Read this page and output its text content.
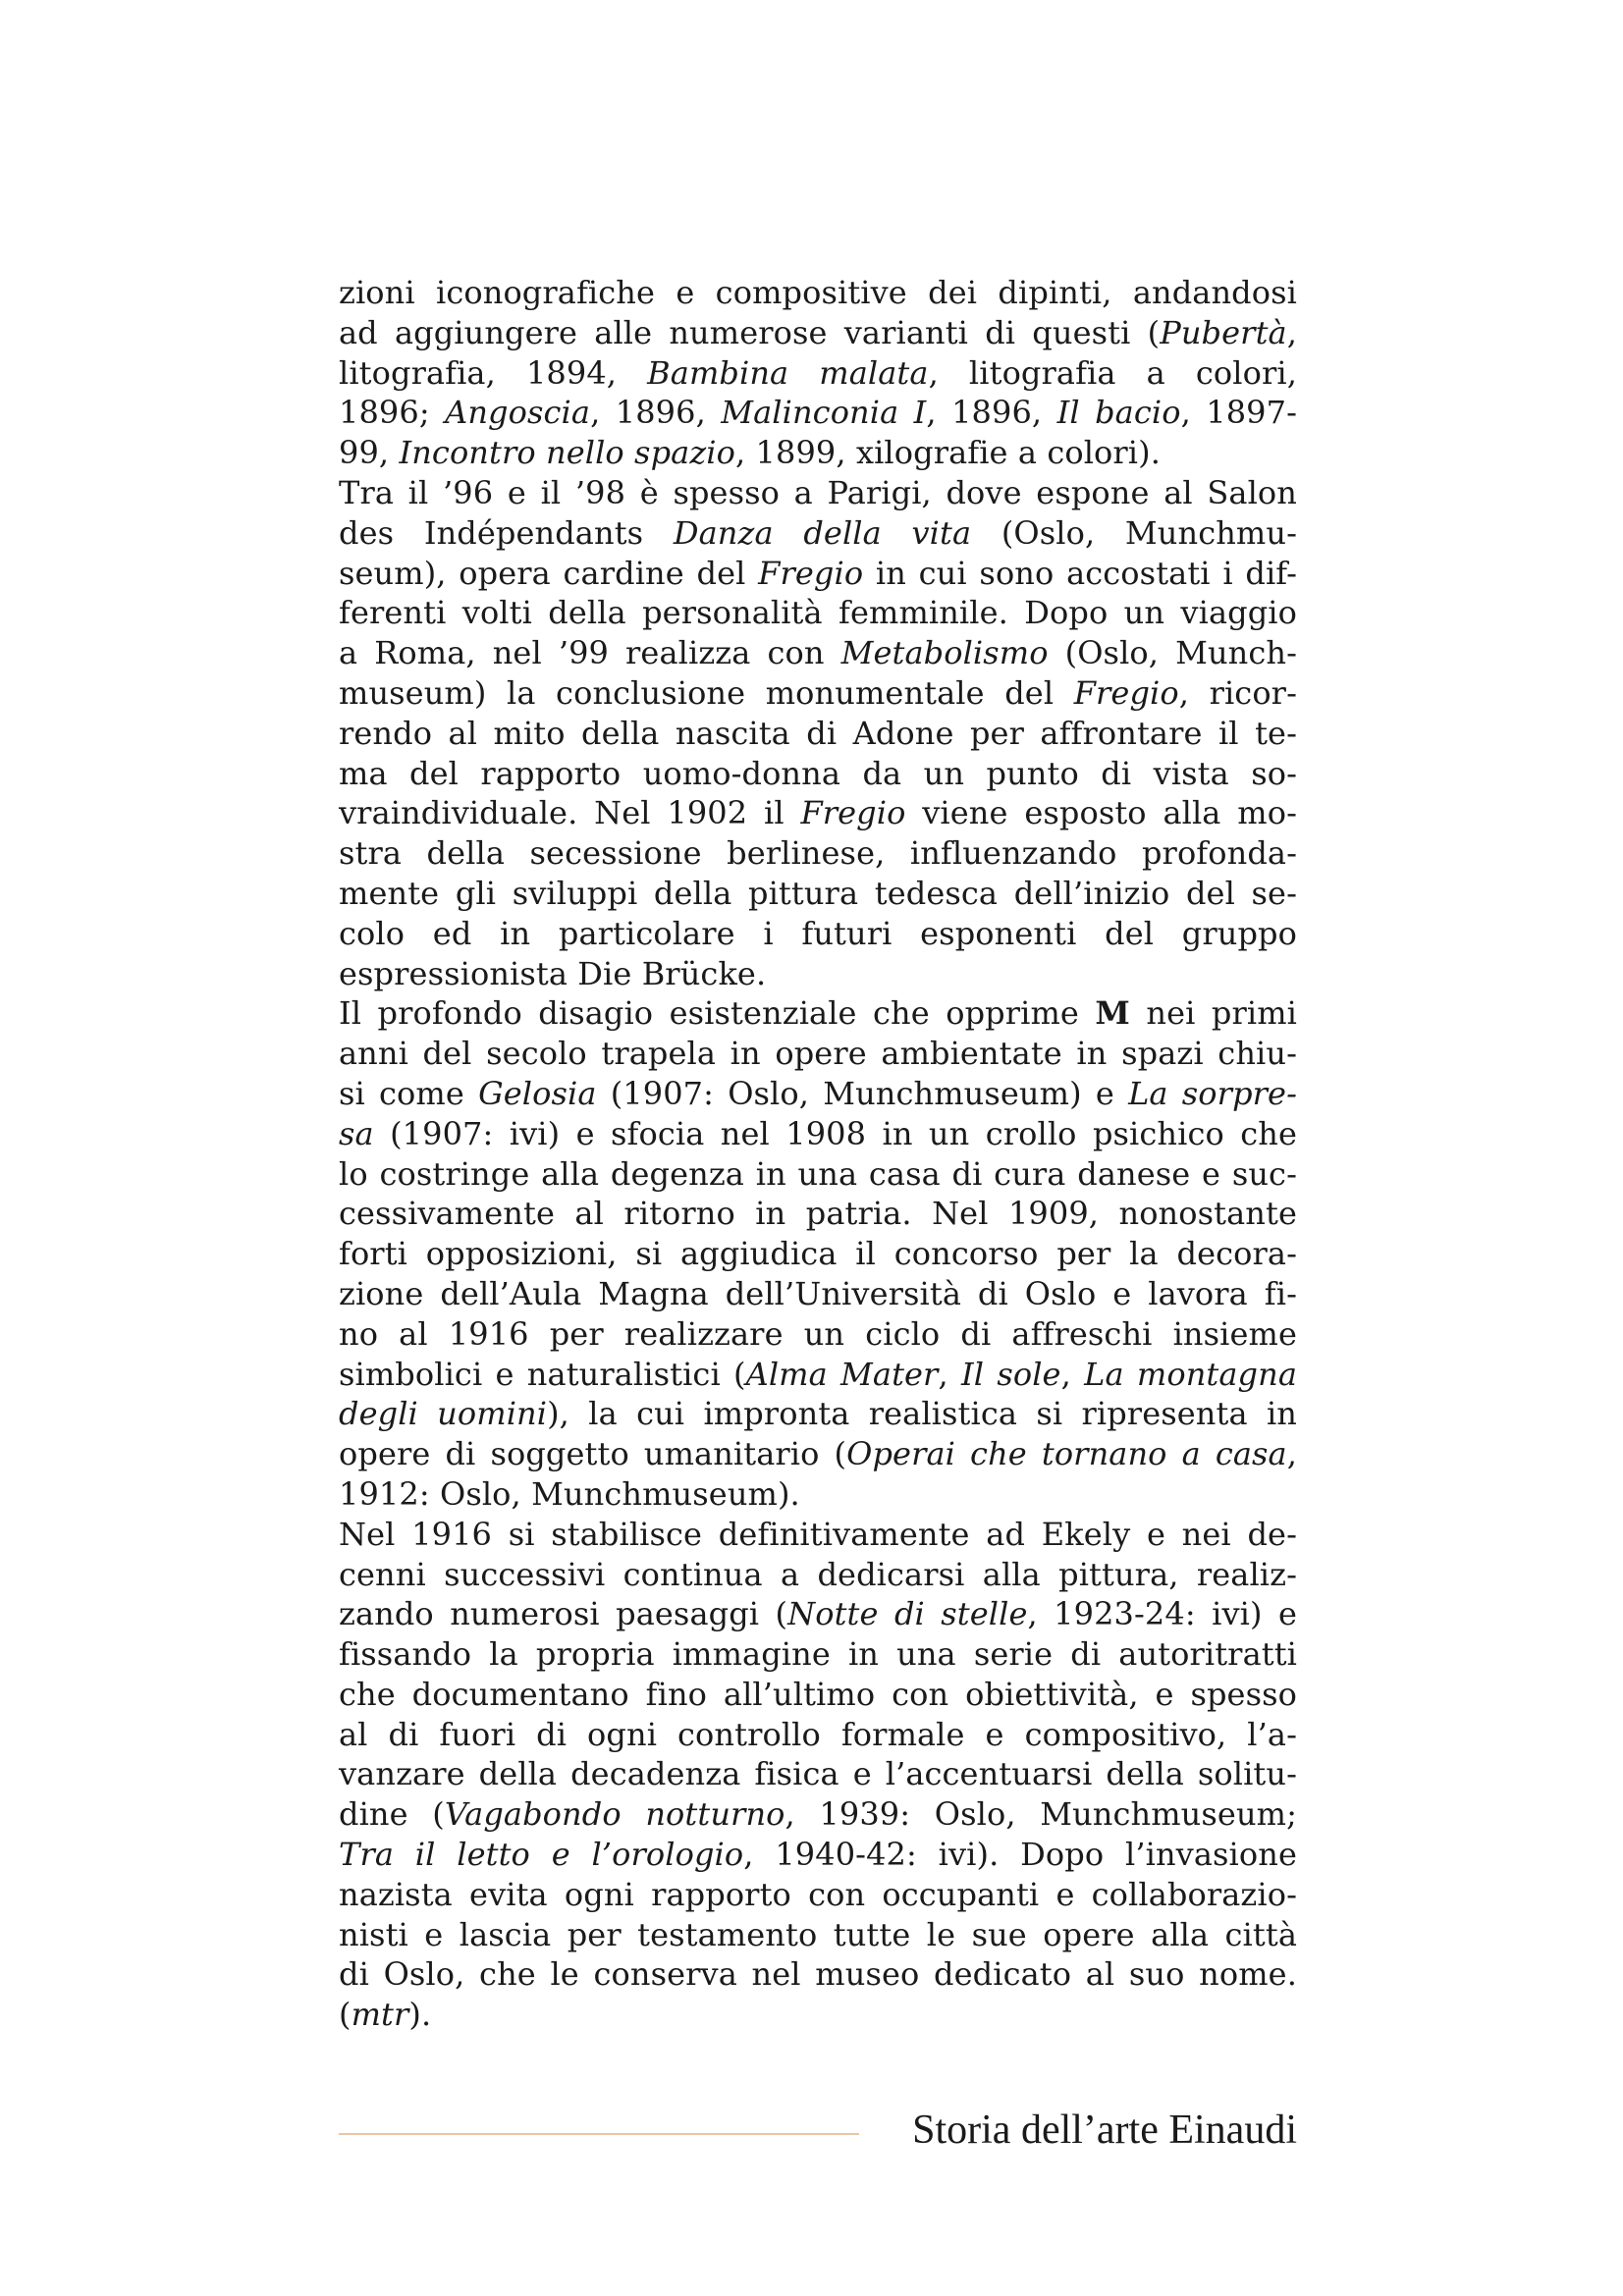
zioni iconografiche e compositive dei dipinti, andandosi
ad aggiungere alle numerose varianti di questi (Pubertà,
litografia, 1894, Bambina malata, litografia a colori,
1896; Angoscia, 1896, Malinconia I, 1896, Il bacio, 1897-
99, Incontro nello spazio, 1899, xilografie a colori).
Tra il ’96 e il ’98 è spesso a Parigi, dove espone al Salon
des Indépendants Danza della vita (Oslo, Munchmu-
seum), opera cardine del Fregio in cui sono accostati i dif-
ferenti volti della personalità femminile. Dopo un viaggio
a Roma, nel ’99 realizza con Metabolismo (Oslo, Munch-
museum) la conclusione monumentale del Fregio, ricor-
rendo al mito della nascita di Adone per affrontare il te-
ma del rapporto uomo-donna da un punto di vista so-
vraindividuale. Nel 1902 il Fregio viene esposto alla mo-
stra della secessione berlinese, influenzando profonda-
mente gli sviluppi della pittura tedesca dell’inizio del se-
colo ed in particolare i futuri esponenti del gruppo
espressionista Die Brücke.
Il profondo disagio esistenziale che opprime M nei primi
anni del secolo trapela in opere ambientate in spazi chiu-
si come Gelosia (1907: Oslo, Munchmuseum) e La sorpre-
sa (1907: ivi) e sfocia nel 1908 in un crollo psichico che
lo costringe alla degenza in una casa di cura danese e suc-
cessivamente al ritorno in patria. Nel 1909, nonostante
forti opposizioni, si aggiudica il concorso per la decora-
zione dell’Aula Magna dell’Università di Oslo e lavora fi-
no al 1916 per realizzare un ciclo di affreschi insieme
simbolici e naturalistici (Alma Mater, Il sole, La montagna
degli uomini), la cui impronta realistica si ripresenta in
opere di soggetto umanitario (Operai che tornano a casa,
1912: Oslo, Munchmuseum).
Nel 1916 si stabilisce definitivamente ad Ekely e nei de-
cenni successivi continua a dedicarsi alla pittura, realiz-
zando numerosi paesaggi (Notte di stelle, 1923-24: ivi) e
fissando la propria immagine in una serie di autoritratti
che documentano fino all’ultimo con obiettività, e spesso
al di fuori di ogni controllo formale e compositivo, l’a-
vanzare della decadenza fisica e l’accentuarsi della solitu-
dine (Vagabondo notturno, 1939: Oslo, Munchmuseum;
Tra il letto e l’orologio, 1940-42: ivi). Dopo l’invasione
nazista evita ogni rapporto con occupanti e collaborazio-
nisti e lascia per testamento tutte le sue opere alla città
di Oslo, che le conserva nel museo dedicato al suo nome.
(mtr).
Storia dell’arte Einaudi
